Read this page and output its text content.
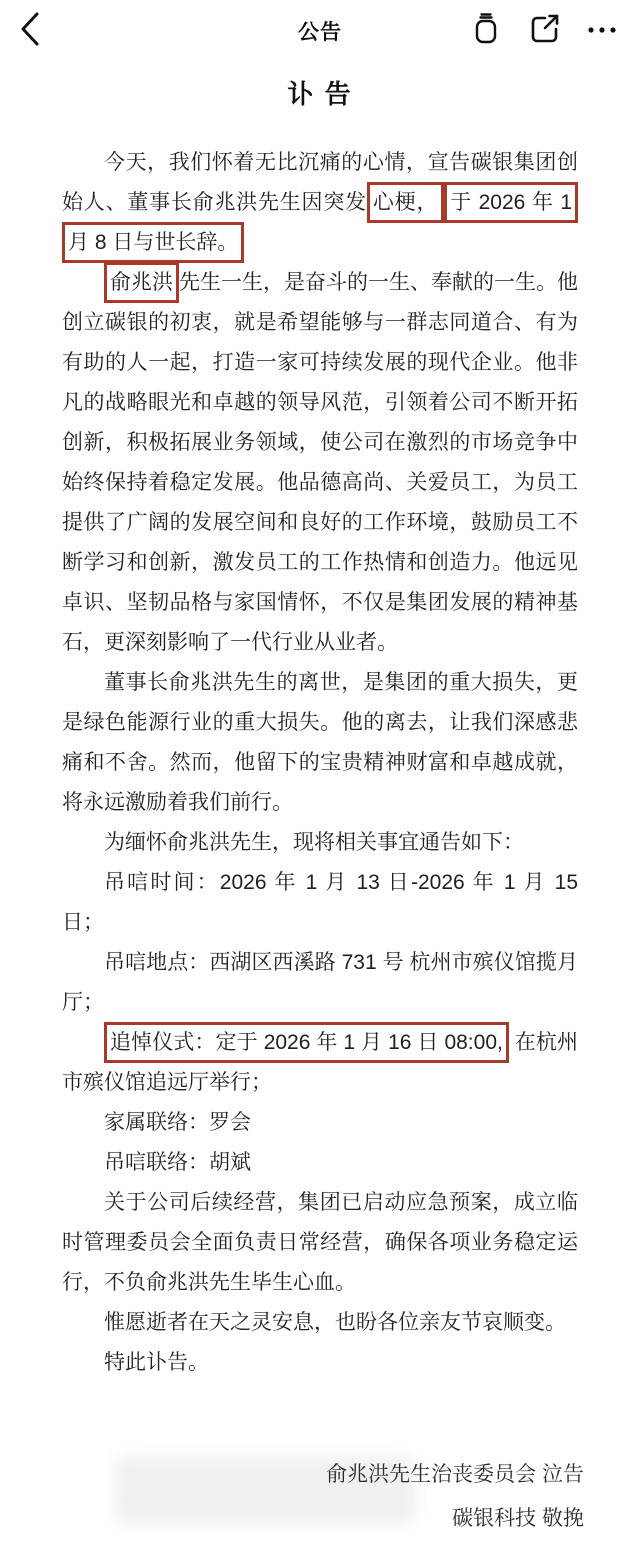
公告
讣 告

今天，我们怀着无比沉痛的心情，宣告碳银集团创始人、董事长俞兆洪先生因突发 心梗， 于 2026 年 1 月 8 日与世长辞。

俞兆洪 先生一生，是奋斗的一生、奉献的一生。他创立碳银的初衷，就是希望能够与一群志同道合、有为有助的人一起，打造一家可持续发展的现代企业。他非凡的战略眼光和卓越的领导风范，引领着公司不断开拓创新，积极拓展业务领域，使公司在激烈的市场竞争中始终保持着稳定发展。他品德高尚、关爱员工，为员工提供了广阔的发展空间和良好的工作环境，鼓励员工不断学习和创新，激发员工的工作热情和创造力。他远见卓识、坚韧品格与家国情怀，不仅是集团发展的精神基石，更深刻影响了一代行业从业者。

董事长俞兆洪先生的离世，是集团的重大损失，更是绿色能源行业的重大损失。他的离去，让我们深感悲痛和不舍。然而，他留下的宝贵精神财富和卓越成就，将永远激励着我们前行。

为缅怀俞兆洪先生，现将相关事宜通告如下：

吊唁时间：2026 年 1 月 13 日-2026 年 1 月 15 日；

吊唁地点：西湖区西溪路 731 号 杭州市殡仪馆揽月厅；

追悼仪式：定于 2026 年 1 月 16 日 08:00, 在杭州市殡仪馆追远厅举行；

家属联络：罗会

吊唁联络：胡斌

关于公司后续经营，集团已启动应急预案，成立临时管理委员会全面负责日常经营，确保各项业务稳定运行，不负俞兆洪先生毕生心血。

惟愿逝者在天之灵安息，也盼各位亲友节哀顺变。

特此讣告。

俞兆洪先生治丧委员会 泣告

碳银科技 敬挽
